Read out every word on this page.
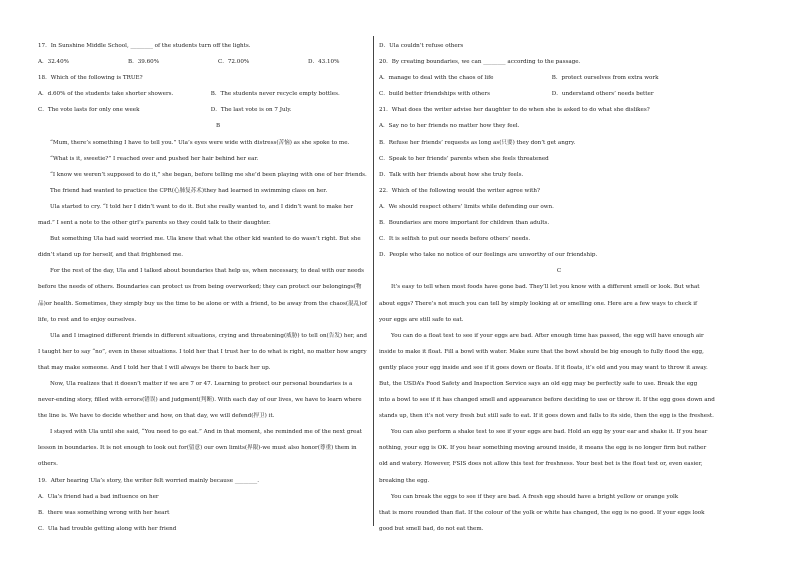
17．In Sunshine Middle School, ________ of the students turn off the lights.
A．32.40%	B．39.60%	C．72.00%	D．43.10%
18．Which of the following is TRUE?
A．d.60% of the students take shorter showers.	B．The students never recycle empty bottles.
C．The vote lasts for only one week	D．The last vote is on 7 July.
B
“Mum, there’s something I have to tell you.” Ula’s eyes were wide with distress(苦恼) as she spoke to me.
“What is it, sweetie?” I reached over and pushed her hair behind her ear.
“I know we weren’t supposed to do it,” she began, before telling me she’d been playing with one of her friends.
The friend had wanted to practice the CPR(心肺复苏术)they had learned in swimming class on her.
Ula started to cry. “I told her I didn’t want to do it. But she really wanted to, and I didn’t want to make her
mad.” I sent a note to the other girl’s parents so they could talk to their daughter.
But something Ula had said worried me. Ula knew that what the other kid wanted to do wasn’t right. But she
didn’t stand up for herself, and that frightened me.
For the rest of the day, Ula and I talked about boundaries that help us, when necessary, to deal with our needs
before the needs of others. Boundaries can protect us from being overworked; they can protect our belongings(物
品)or health. Sometimes, they simply buy us the time to be alone or with a friend, to be away from the chaos(混乱)of
life, to rest and to enjoy ourselves.
Ula and I imagined different friends in different situations, crying and threatening(威胁) to tell on(告发) her, and
I taught her to say “no”, even in these situations. I told her that I trust her to do what is right, no matter how angry
that may make someone. And I told her that I will always be there to back her up.
Now, Ula realizes that it doesn’t matter if we are 7 or 47. Learning to protect our personal boundaries is a
never-ending story, filled with errors(错误) and judgment(判断). With each day of our lives, we have to learn where
the line is. We have to decide whether and how, on that day, we will defend(捍卫) it.
I stayed with Ula until she said, “You need to go eat.” And in that moment, she reminded me of the next great
lesson in boundaries. It is not enough to look out for(留意) our own limits(界限)-we must also honor(尊重) them in
others.
19．After hearing Ula’s story, the writer felt worried mainly because ________.
A．Ula’s friend had a bad influence on her
B．there was something wrong with her heart
C．Ula had trouble getting along with her friend
D．Ula couldn’t refuse others
20．By creating boundaries, we can ________ according to the passage.
A．manage to deal with the chaos of life	B．protect ourselves from extra work
C．build better friendships with others	D．understand others’ needs better
21．What does the writer advise her daughter to do when she is asked to do what she dislikes?
A．Say no to her friends no matter how they feel.
B．Refuse her friends’ requests as long as(只要) they don’t get angry.
C．Speak to her friends’ parents when she feels threatened
D．Talk with her friends about how she truly feels.
22．Which of the following would the writer agree with?
A．We should respect others’ limits while defending our own.
B．Boundaries are more important for children than adults.
C．It is selfish to put our needs before others’ needs.
D．People who take no notice of our feelings are unworthy of our friendship.
C
It’s easy to tell when most foods have gone bad. They’ll let you know with a different smell or look. But what
about eggs? There’s not much you can tell by simply looking at or smelling one. Here are a few ways to check if
your eggs are still safe to eat.
You can do a float test to see if your eggs are bad. After enough time has passed, the egg will have enough air
inside to make it float. Fill a bowl with water. Make sure that the bowl should be big enough to fully flood the egg,
gently place your egg inside and see if it goes down or floats. If it floats, it’s old and you may want to throw it away.
But, the USDA’s Food Safety and Inspection Service says an old egg may be perfectly safe to use. Break the egg
into a bowl to see if it has changed smell and appearance before deciding to use or throw it. If the egg goes down and
stands up, then it’s not very fresh but still safe to eat. If it goes down and falls to its side, then the egg is the freshest.
You can also perform a shake test to see if your eggs are bad. Hold an egg by your ear and shake it. If you hear
nothing, your egg is OK. If you hear something moving around inside, it means the egg is no longer firm but rather
old and watery. However, FSIS does not allow this test for freshness. Your best bet is the float test or, even easier,
breaking the egg.
You can break the eggs to see if they are bad. A fresh egg should have a bright yellow or orange yolk
that is more rounded than flat. If the colour of the yolk or white has changed, the egg is no good. If your eggs look
good but smell bad, do not eat them.
